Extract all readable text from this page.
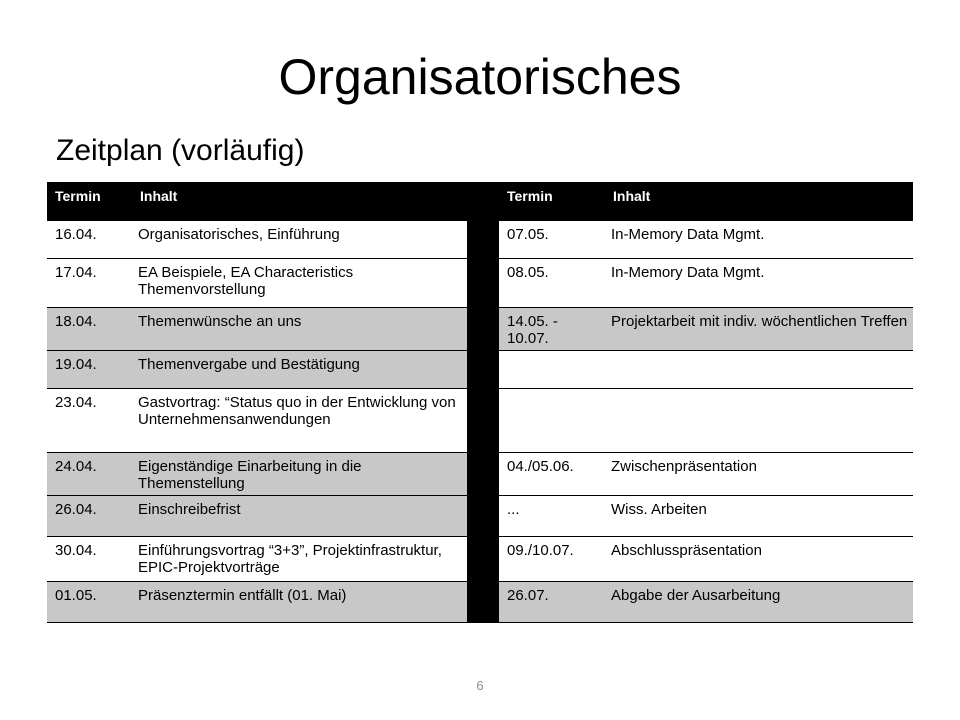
Organisatorisches
Zeitplan (vorläufig)
Termin	Inhalt
16.04.	Organisatorisches, Einführung
17.04.	EA Beispiele, EA Characteristics Themenvorstellung
18.04.	Themenwünsche an uns
19.04.	Themenvergabe und Bestätigung
23.04.	Gastvortrag: “Status quo in der Entwicklung von Unternehmensanwendungen
24.04.	Eigenständige Einarbeitung in die Themenstellung
26.04.	Einschreibefrist
30.04.	Einführungsvortrag “3+3”, Projektinfrastruktur, EPIC-Projektvorträge
01.05.	Präsenztermin entfällt (01. Mai)
Termin	Inhalt
07.05.	In-Memory Data Mgmt.
08.05.	In-Memory Data Mgmt.
14.05. - 10.07.	Projektarbeit mit indiv. wöchentlichen Treffen

04./05.06.	Zwischenpräsentation
...	Wiss. Arbeiten
09./10.07.	Abschlusspräsentation
26.07.	Abgabe der Ausarbeitung
6
